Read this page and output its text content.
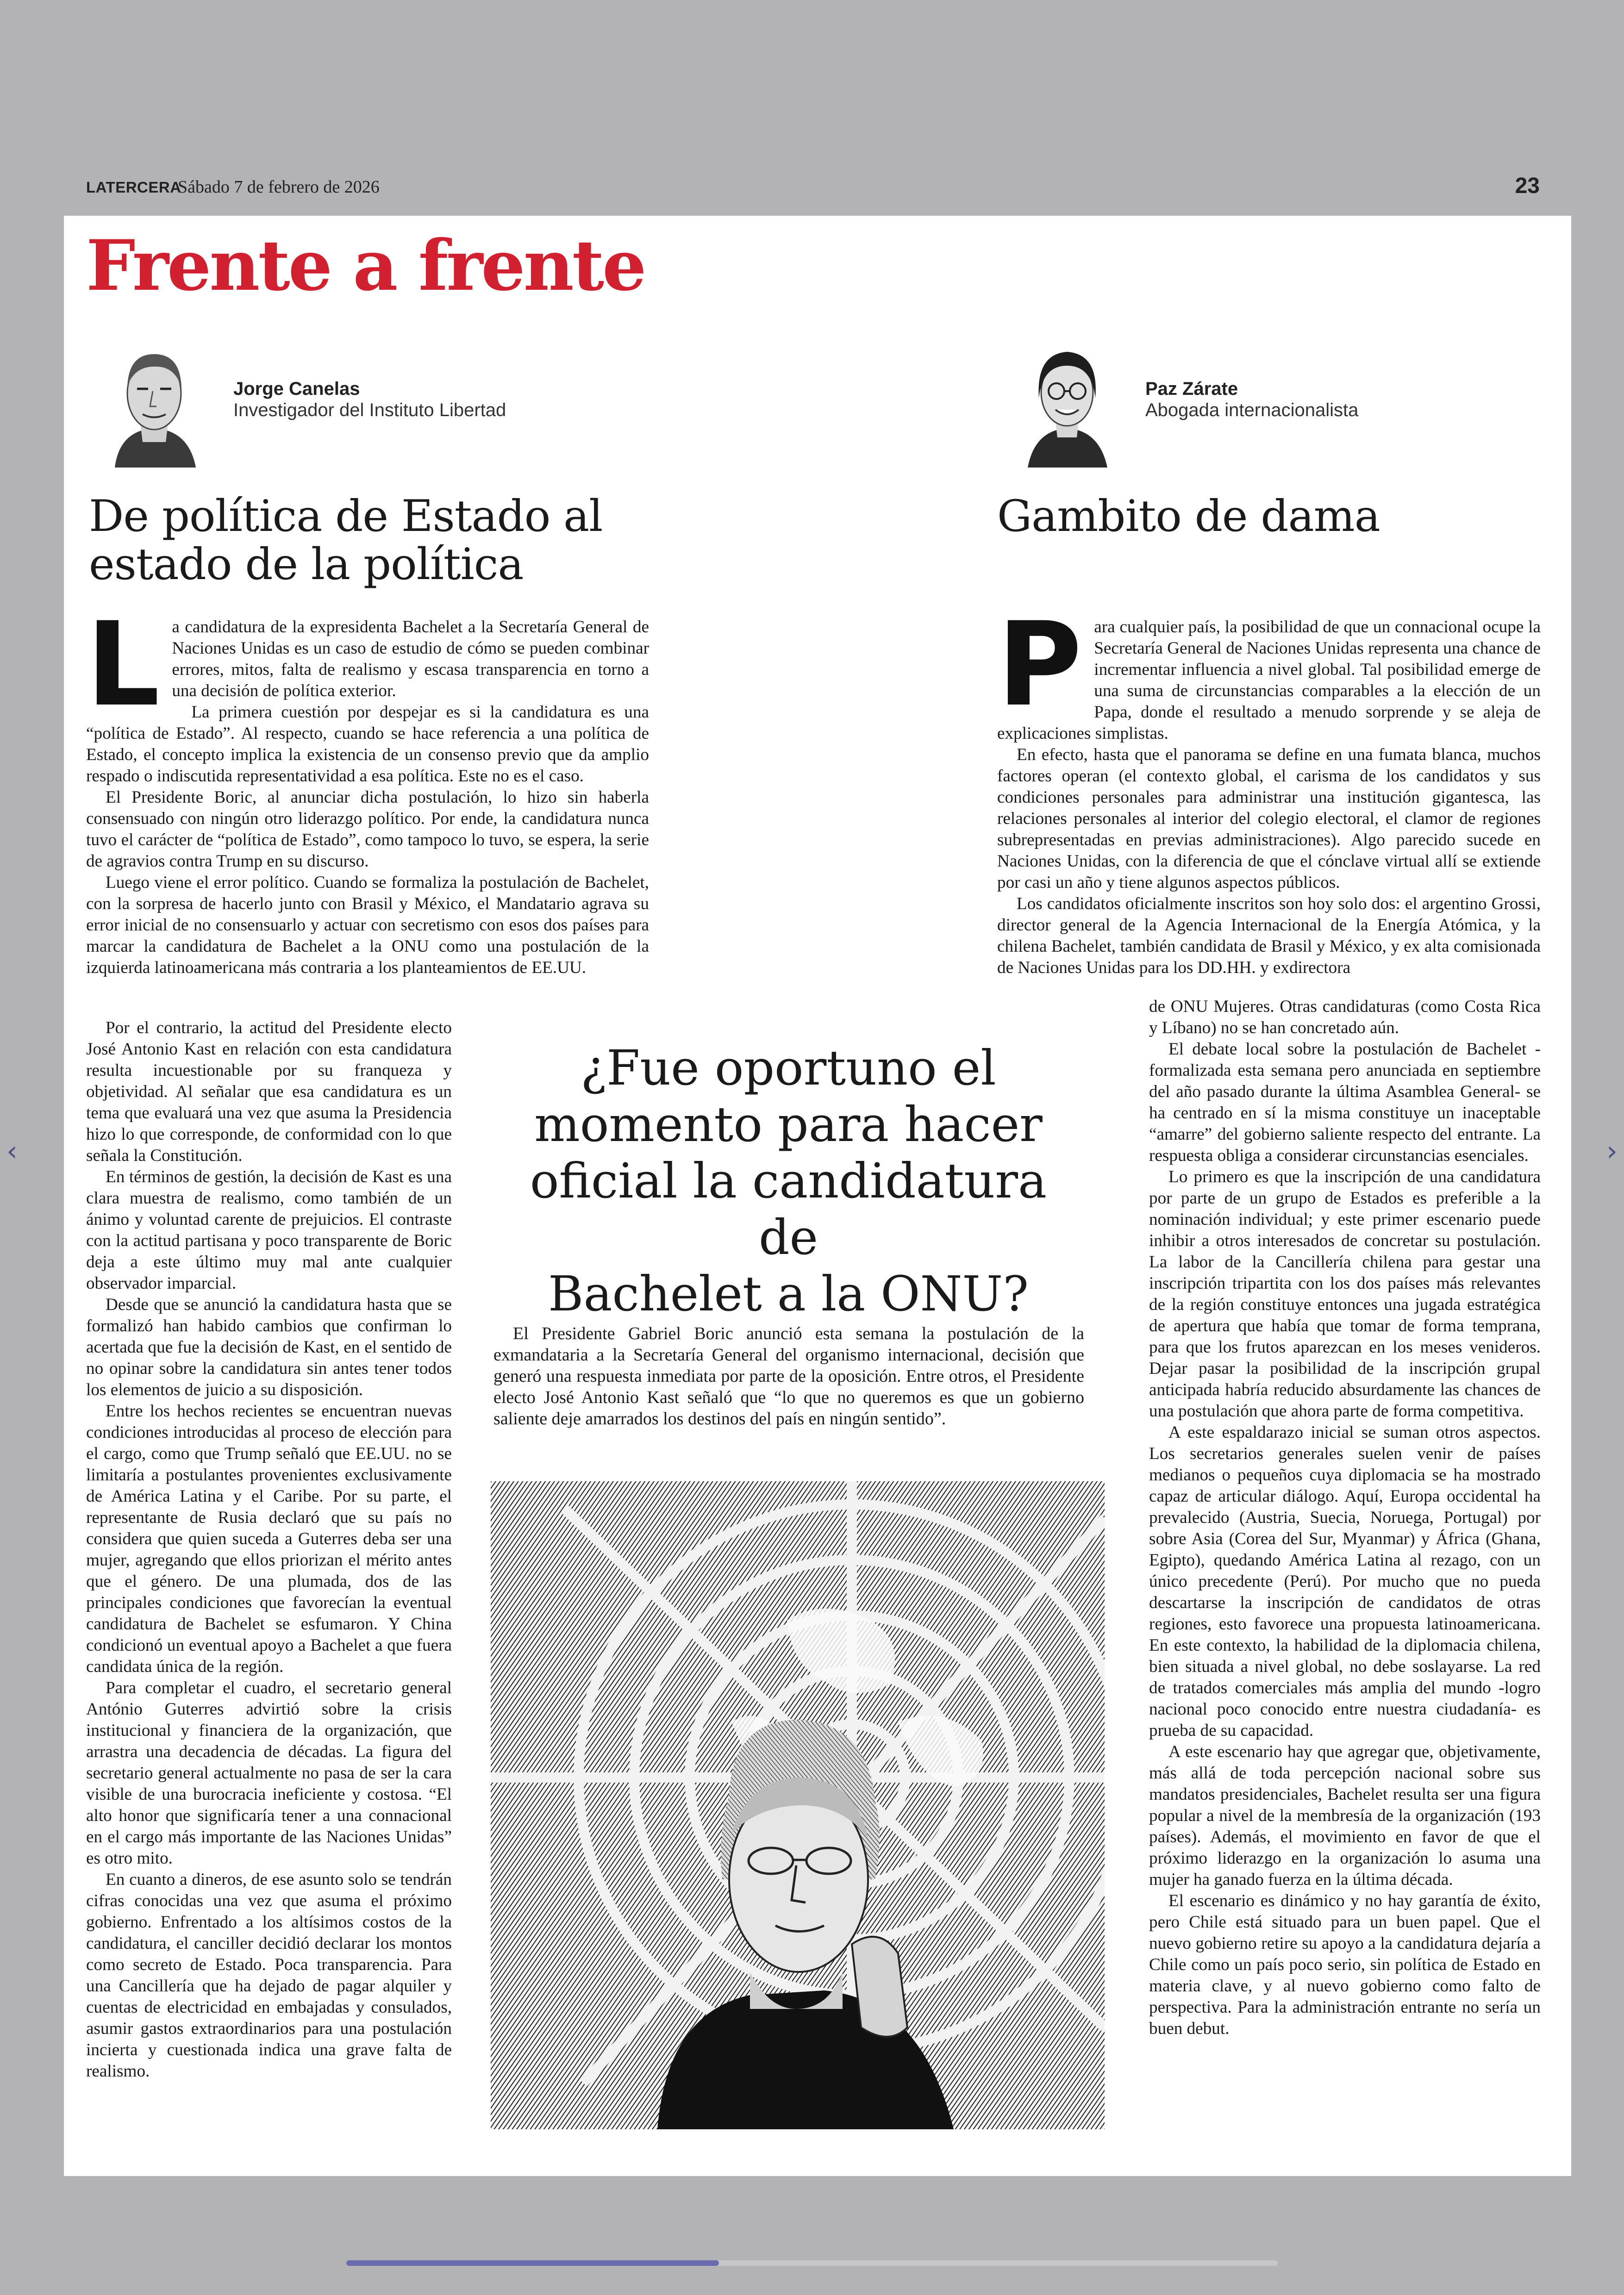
LATERCERA
Sábado 7 de febrero de 2026	23
‹	›
Frente a frente
Jorge Canelas
Investigador del Instituto Libertad
Paz Zárate
Abogada internacionalista
De política de Estado al
estado de la política
Gambito de dama
L a candidatura de la expresidenta Bachelet a la Secretaría General de Naciones Unidas es un caso de estudio de cómo se pueden combinar errores, mitos, falta de realismo y escasa transparencia en torno a una decisión de política exterior.

La primera cuestión por despejar es si la candidatura es una “política de Estado”. Al respecto, cuando se hace referencia a una política de Estado, el concepto implica la existencia de un consenso previo que da amplio respado o indiscutida representatividad a esa política. Este no es el caso.

El Presidente Boric, al anunciar dicha postulación, lo hizo sin haberla consensuado con ningún otro liderazgo político. Por ende, la candidatura nunca tuvo el carácter de “política de Estado”, como tampoco lo tuvo, se espera, la serie de agravios contra Trump en su discurso.

Luego viene el error político. Cuando se formaliza la postulación de Bachelet, con la sorpresa de hacerlo junto con Brasil y México, el Mandatario agrava su error inicial de no consensuarlo y actuar con secretismo con esos dos países para marcar la candidatura de Bachelet a la ONU como una postulación de la izquierda latinoamericana más contraria a los planteamientos de EE.UU.

Por el contrario, la actitud del Presidente electo José Antonio Kast en relación con esta candidatura resulta incuestionable por su franqueza y objetividad. Al señalar que esa candidatura es un tema que evaluará una vez que asuma la Presidencia hizo lo que corresponde, de conformidad con lo que señala la Constitución.

En términos de gestión, la decisión de Kast es una clara muestra de realismo, como también de un ánimo y voluntad carente de prejuicios. El contraste con la actitud partisana y poco transparente de Boric deja a este último muy mal ante cualquier observador imparcial.

Desde que se anunció la candidatura hasta que se formalizó han habido cambios que confirman lo acertada que fue la decisión de Kast, en el sentido de no opinar sobre la candidatura sin antes tener todos los elementos de juicio a su disposición.

Entre los hechos recientes se encuentran nuevas condiciones introducidas al proceso de elección para el cargo, como que Trump señaló que EE.UU. no se limitaría a postulantes provenientes exclusivamente de América Latina y el Caribe. Por su parte, el representante de Rusia declaró que su país no considera que quien suceda a Guterres deba ser una mujer, agregando que ellos priorizan el mérito antes que el género. De una plumada, dos de las principales condiciones que favorecían la eventual candidatura de Bachelet se esfumaron. Y China condicionó un eventual apoyo a Bachelet a que fuera candidata única de la región.

Para completar el cuadro, el secretario general António Guterres advirtió sobre la crisis institucional y financiera de la organización, que arrastra una decadencia de décadas. La figura del secretario general actualmente no pasa de ser la cara visible de una burocracia ineficiente y costosa. “El alto honor que significaría tener a una connacional en el cargo más importante de las Naciones Unidas” es otro mito.

En cuanto a dineros, de ese asunto solo se tendrán cifras conocidas una vez que asuma el próximo gobierno. Enfrentado a los altísimos costos de la candidatura, el canciller decidió declarar los montos como secreto de Estado. Poca transparencia. Para una Cancillería que ha dejado de pagar alquiler y cuentas de electricidad en embajadas y consulados, asumir gastos extraordinarios para una postulación incierta y cuestionada indica una grave falta de realismo.

P ara cualquier país, la posibilidad de que un connacional ocupe la Secretaría General de Naciones Unidas representa una chance de incrementar influencia a nivel global. Tal posibilidad emerge de una suma de circunstancias comparables a la elección de un Papa, donde el resultado a menudo sorprende y se aleja de explicaciones simplistas.

En efecto, hasta que el panorama se define en una fumata blanca, muchos factores operan (el contexto global, el carisma de los candidatos y sus condiciones personales para administrar una institución gigantesca, las relaciones personales al interior del colegio electoral, el clamor de regiones subrepresentadas en previas administraciones). Algo parecido sucede en Naciones Unidas, con la diferencia de que el cónclave virtual allí se extiende por casi un año y tiene algunos aspectos públicos.

Los candidatos oficialmente inscritos son hoy solo dos: el argentino Grossi, director general de la Agencia Internacional de la Energía Atómica, y la chilena Bachelet, también candidata de Brasil y México, y ex alta comisionada de Naciones Unidas para los DD.HH. y exdirectora

de ONU Mujeres. Otras candidaturas (como Costa Rica y Líbano) no se han concretado aún.

El debate local sobre la postulación de Bachelet -formalizada esta semana pero anunciada en septiembre del año pasado durante la última Asamblea General- se ha centrado en sí la misma constituye un inaceptable “amarre” del gobierno saliente respecto del entrante. La respuesta obliga a considerar circunstancias esenciales.

Lo primero es que la inscripción de una candidatura por parte de un grupo de Estados es preferible a la nominación individual; y este primer escenario puede inhibir a otros interesados de concretar su postulación. La labor de la Cancillería chilena para gestar una inscripción tripartita con los dos países más relevantes de la región constituye entonces una jugada estratégica de apertura que había que tomar de forma temprana, para que los frutos aparezcan en los meses venideros. Dejar pasar la posibilidad de la inscripción grupal anticipada habría reducido absurdamente las chances de una postulación que ahora parte de forma competitiva.

A este espaldarazo inicial se suman otros aspectos. Los secretarios generales suelen venir de países medianos o pequeños cuya diplomacia se ha mostrado capaz de articular diálogo. Aquí, Europa occidental ha prevalecido (Austria, Suecia, Noruega, Portugal) por sobre Asia (Corea del Sur, Myanmar) y África (Ghana, Egipto), quedando América Latina al rezago, con un único precedente (Perú). Por mucho que no pueda descartarse la inscripción de candidatos de otras regiones, esto favorece una propuesta latinoamericana. En este contexto, la habilidad de la diplomacia chilena, bien situada a nivel global, no debe soslayarse. La red de tratados comerciales más amplia del mundo -logro nacional poco conocido entre nuestra ciudadanía- es prueba de su capacidad.

A este escenario hay que agregar que, objetivamente, más allá de toda percepción nacional sobre sus mandatos presidenciales, Bachelet resulta ser una figura popular a nivel de la membresía de la organización (193 países). Además, el movimiento en favor de que el próximo liderazgo en la organización lo asuma una mujer ha ganado fuerza en la última década.

El escenario es dinámico y no hay garantía de éxito, pero Chile está situado para un buen papel. Que el nuevo gobierno retire su apoyo a la candidatura dejaría a Chile como un país poco serio, sin política de Estado en materia clave, y al nuevo gobierno como falto de perspectiva. Para la administración entrante no sería un buen debut.

¿Fue oportuno el
momento para hacer
oficial la candidatura de
Bachelet a la ONU?
El Presidente Gabriel Boric anunció esta semana la postulación de la exmandataria a la Secretaría General del organismo internacional, decisión que generó una respuesta inmediata por parte de la oposición. Entre otros, el Presidente electo José Antonio Kast señaló que “lo que no queremos es que un gobierno saliente deje amarrados los destinos del país en ningún sentido”.
